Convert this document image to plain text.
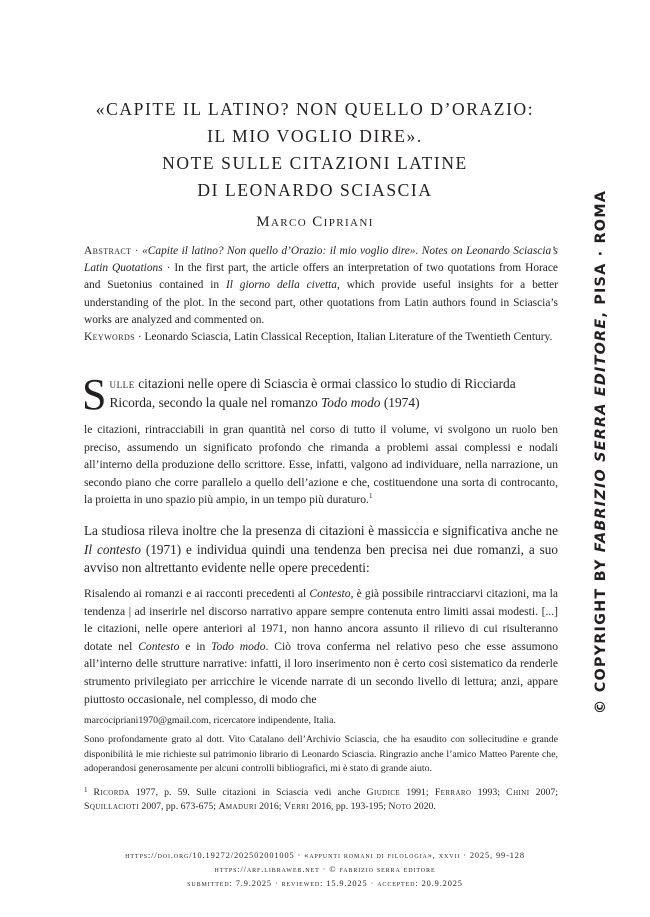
«CAPITE IL LATINO? NON QUELLO D’ORAZIO:
IL MIO VOGLIO DIRE».
NOTE SULLE CITAZIONI LATINE
DI LEONARDO SCIASCIA
Marco Cipriani

Abstract · «Capite il latino? Non quello d’Orazio: il mio voglio dire». Notes on Leonardo Sciascia’s Latin Quotations · In the first part, the article offers an interpretation of two quotations from Horace and Suetonius contained in Il giorno della civetta, which provide useful insights for a better understanding of the plot. In the second part, other quotations from Latin authors found in Sciascia’s works are analyzed and commented on.

Keywords · Leonardo Sciascia, Latin Classical Reception, Italian Literature of the Twentieth Century.

Sulle citazioni nelle opere di Sciascia è ormai classico lo studio di Ricciarda Ricorda, secondo la quale nel romanzo Todo modo (1974)

le citazioni, rintracciabili in gran quantità nel corso di tutto il volume, vi svolgono un ruolo ben preciso, assumendo un significato profondo che rimanda a problemi assai complessi e nodali all’interno della produzione dello scrittore. Esse, infatti, valgono ad individuare, nella narrazione, un secondo piano che corre parallelo a quello dell’azione e che, costituendone una sorta di controcanto, la proietta in uno spazio più ampio, in un tempo più duraturo.$^1$

La studiosa rileva inoltre che la presenza di citazioni è massiccia e significativa anche ne Il contesto (1971) e individua quindi una tendenza ben precisa nei due romanzi, a suo avviso non altrettanto evidente nelle opere precedenti:

Risalendo ai romanzi e ai racconti precedenti al Contesto, è già possibile rintracciarvi citazioni, ma la tendenza | ad inserirle nel discorso narrativo appare sempre contenuta entro limiti assai modesti. [...] le citazioni, nelle opere anteriori al 1971, non hanno ancora assunto il rilievo di cui risulteranno dotate nel Contesto e in Todo modo. Ciò trova conferma nel relativo peso che esse assumono all’interno delle strutture narrative: infatti, il loro inserimento non è certo così sistematico da renderle strumento privilegiato per arricchire le vicende narrate di un secondo livello di lettura; anzi, appare piuttosto occasionale, nel complesso, di modo che

marcocipriani1970@gmail.com, ricercatore indipendente, Italia.

Sono profondamente grato al dott. Vito Catalano dell’Archivio Sciascia, che ha esaudito con sollecitudine e grande disponibilità le mie richieste sul patrimonio librario di Leonardo Sciascia. Ringrazio anche l’amico Matteo Parente che, adoperandosi generosamente per alcuni controlli bibliografici, mi è stato di grande aiuto.

$^1$ Ricorda 1977, p. 59. Sulle citazioni in Sciascia vedi anche Giudice 1991; Ferraro 1993; Chini 2007; Squillacioti 2007, pp. 673-675; Amaduri 2016; Verri 2016, pp. 193-195; Noto 2020.

https://doi.org/10.19272/202502001005 · «appunti romani di filologia», xxvii · 2025, 99-128
https://arf.libraweb.net · © fabrizio serra editore
submitted: 7.9.2025 · reviewed: 15.9.2025 · accepted: 20.9.2025
© COPYRIGHT BY FABRIZIO SERRA EDITORE, PISA · ROMA
